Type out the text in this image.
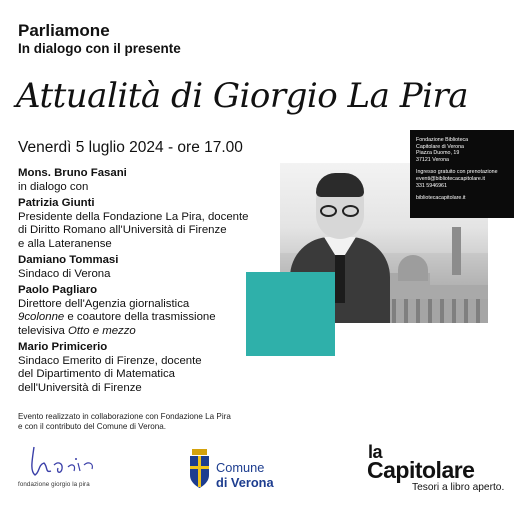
Parliamone
In dialogo con il presente
Attualità di Giorgio La Pira
Venerdì 5 luglio 2024 - ore 17.00
Mons. Bruno Fasani
in dialogo con
Patrizia Giunti
Presidente della Fondazione La Pira, docente
di Diritto Romano all'Università di Firenze
e alla Lateranense
Damiano Tommasi
Sindaco di Verona
Paolo Pagliaro
Direttore dell'Agenzia giornalistica
9colonne e coautore della trasmissione
televisiva Otto e mezzo
Mario Primicerio
Sindaco Emerito di Firenze, docente
del Dipartimento di Matematica
dell'Università di Firenze

Fondazione Biblioteca

Capitolare di Verona

Piazza Duomo, 19

37121 Verona

Ingresso gratuito con prenotazione

eventi@bibliotecacapitolare.it

331 5946961

bibliotecacapitolare.it

Evento realizzato in collaborazione con Fondazione La Pira
e con il contributo del Comune di Verona.
fondazione giorgio la pira
Comune
di Verona
la
Capitolare
Tesori a libro aperto.
